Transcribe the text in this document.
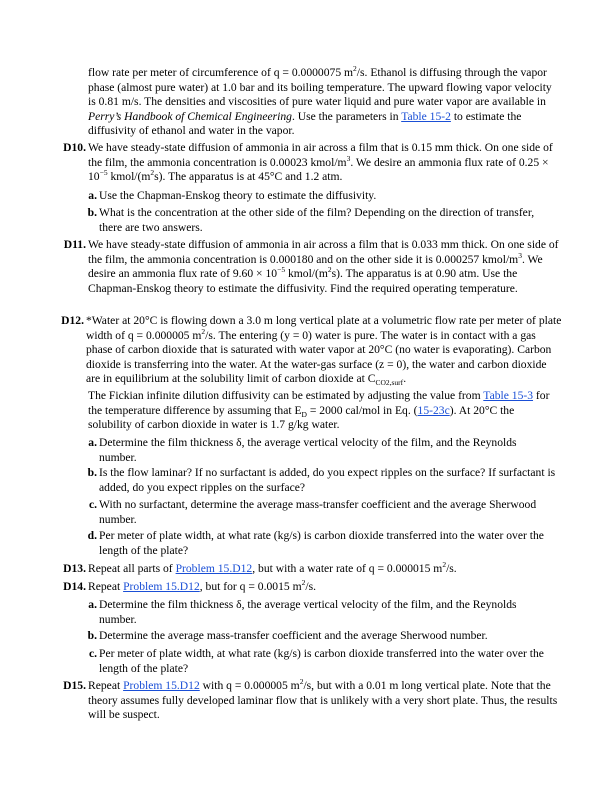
flow rate per meter of circumference of q = 0.0000075 $m^2/s$. Ethanol is diffusing through the vapor phase (almost pure water) at 1.0 bar and its boiling temperature. The upward flowing vapor velocity is 0.81 m/s. The densities and viscosities of pure water liquid and pure water vapor are available in Perry’s Handbook of Chemical Engineering. Use the parameters in Table 15-2 to estimate the diffusivity of ethanol and water in the vapor.
D10. We have steady-state diffusion of ammonia in air across a film that is 0.15 mm thick. On one side of the film, the ammonia concentration is 0.00023 kmol/$m^3$. We desire an ammonia flux rate of $0.25 \times 10^{-5}$ kmol/$(m^2s)$. The apparatus is at 45°C and 1.2 atm.
a. Use the Chapman-Enskog theory to estimate the diffusivity.
b. What is the concentration at the other side of the film? Depending on the direction of transfer, there are two answers.
D11. We have steady-state diffusion of ammonia in air across a film that is 0.033 mm thick. On one side of the film, the ammonia concentration is 0.000180 and on the other side it is 0.000257 kmol/$m^3$. We desire an ammonia flux rate of $9.60 \times 10^{-5}$ kmol/$(m^2s)$. The apparatus is at 0.90 atm. Use the Chapman-Enskog theory to estimate the diffusivity. Find the required operating temperature.
D12. *Water at 20°C is flowing down a 3.0 m long vertical plate at a volumetric flow rate per meter of plate width of q = 0.000005 $m^2/s$. The entering (y = 0) water is pure. The water is in contact with a gas phase of carbon dioxide that is saturated with water vapor at 20°C (no water is evaporating). Carbon dioxide is transferring into the water. At the water-gas surface (z = 0), the water and carbon dioxide are in equilibrium at the solubility limit of carbon dioxide at $C_{CO2,surf}$.
The Fickian infinite dilution diffusivity can be estimated by adjusting the value from Table 15-3 for the temperature difference by assuming that $E_D = 2000$ cal/mol in Eq. (15-23c). At 20°C the solubility of carbon dioxide in water is 1.7 g/kg water.
a. Determine the film thickness δ, the average vertical velocity of the film, and the Reynolds number.
b. Is the flow laminar? If no surfactant is added, do you expect ripples on the surface? If surfactant is added, do you expect ripples on the surface?
c. With no surfactant, determine the average mass-transfer coefficient and the average Sherwood number.
d. Per meter of plate width, at what rate (kg/s) is carbon dioxide transferred into the water over the length of the plate?
D13. Repeat all parts of Problem 15.D12, but with a water rate of q = 0.000015 $m^2/s$.
D14. Repeat Problem 15.D12, but for q = 0.0015 $m^2/s$.
a. Determine the film thickness δ, the average vertical velocity of the film, and the Reynolds number.
b. Determine the average mass-transfer coefficient and the average Sherwood number.
c. Per meter of plate width, at what rate (kg/s) is carbon dioxide transferred into the water over the length of the plate?
D15. Repeat Problem 15.D12 with q = 0.000005 $m^2/s$, but with a 0.01 m long vertical plate. Note that the theory assumes fully developed laminar flow that is unlikely with a very short plate. Thus, the results will be suspect.
